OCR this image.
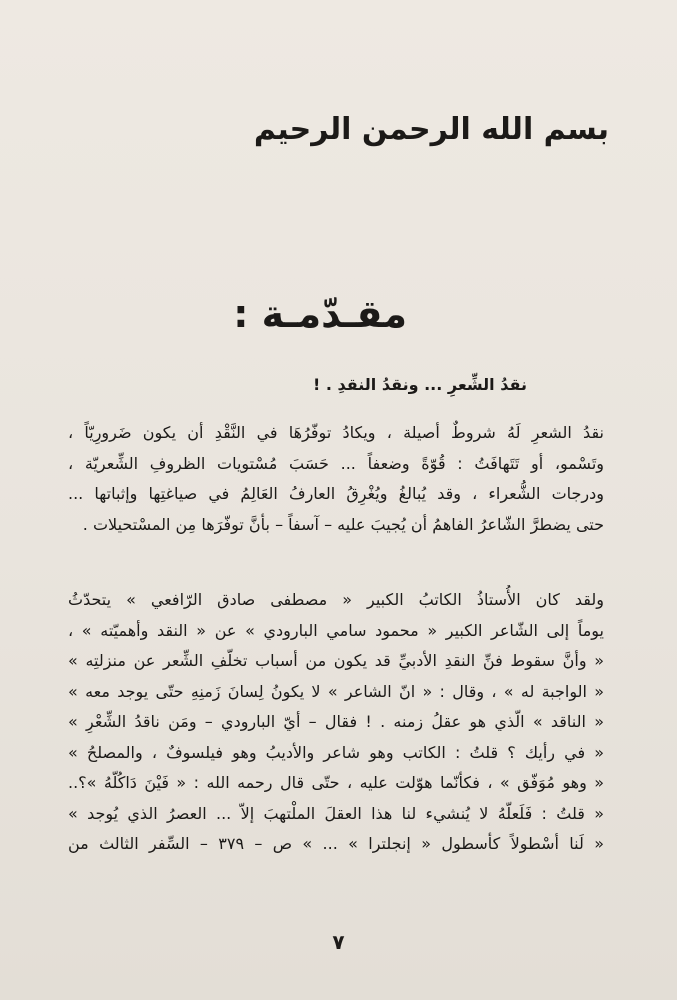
بسم الله الرحمن الرحيم
مقـدّمـة :
نقدُ الشِّعرِ ... ونقدُ النقدِ . !

نقدُ الشعرِ لَهُ شروطٌ أصيلة ، ويكادُ توفّرُهَا في النَّقْدِ أن يكون ضَرورِيّاً ،
وتَسْمو، أو تَتَهافَتُ : قُوّةً وضعفاً ... حَسَبَ مُسْتويات الظروفِ الشِّعريّة ،
ودرجات الشُّعراء ، وقد يُبالغُ ويُغْرِقُ العارفُ العَالِمُ في صياغتِها وإثباتها ...
حتى يضطرَّ الشّاعرُ الفاهمُ أن يُجيبَ عليه – آسفاً – بأنَّ توفّرَها مِن المسْتحيلات .

ولقد كان الأُستاذُ الكاتبُ الكبير « مصطفى صادق الرّافعي » يتحدّثُ
يوماً إلى الشّاعر الكبير « محمود سامي البارودي » عن « النقد وأهميّته » ،
« وأنَّ سقوط فنِّ النقدِ الأدبيِّ قد يكون من أسباب تخلّفِ الشِّعر عن منزلتِه »
« الواجبة له » ، وقال : « انّ الشاعر » لا يكونُ لِسانَ زَمنِهِ حتّى يوجد معه »
« الناقد » الّذي هو عقلُ زمنه . ! فقال – أيّ البارودي – ومَن ناقدُ الشِّعْرِ »
« في رأيك ؟ قلتُ : الكاتب وهو شاعر والأديبُ وهو فيلسوفٌ ، والمصلحُ »
« وهو مُوَفّق » ، فكأنّما هوّلت عليه ، حتّى قال رحمه الله : « فَيْنَ دَاكُلّهُ »؟..
« قلتُ : فَلَعلّهُ لا يُنشيء لنا هذا العقلَ الملْتهبَ إلاّ ... العصرُ الذي يُوجد »
« لَنا أسْطولاً كأسطول « إنجلترا » ... » ص – ٣٧٩ – السِّفر الثالث من

٧
